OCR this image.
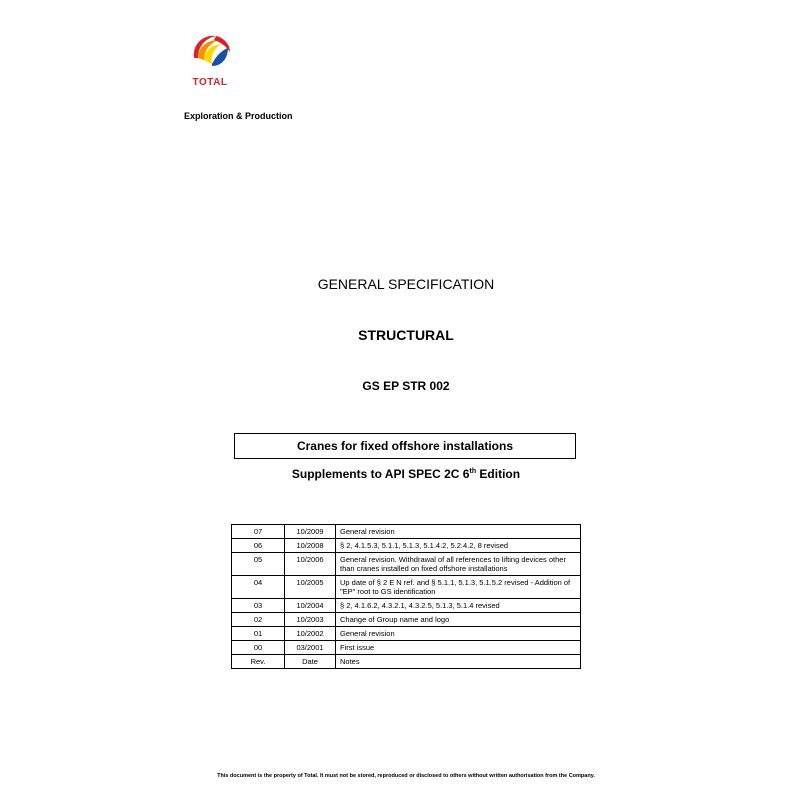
TOTAL
Exploration & Production
GENERAL SPECIFICATION
STRUCTURAL
GS EP STR 002
Cranes for fixed offshore installations
Supplements to API SPEC 2C 6th Edition
07	10/2009	General revision
06	10/2008	§ 2, 4.1.5.3, 5.1.1, 5.1.3, 5.1.4.2, 5.2.4.2, 8 revised
05	10/2006	General revision. Withdrawal of all references to lifting devices other than cranes installed on fixed offshore installations
04	10/2005	Up date of § 2 E N ref. and § 5.1.1, 5.1.3, 5.1.5.2 revised - Addition of "EP" root to GS identification
03	10/2004	§ 2, 4.1.6.2, 4.3.2.1, 4.3.2.5, 5.1.3, 5.1.4 revised
02	10/2003	Change of Group name and logo
01	10/2002	General revision
00	03/2001	First issue
Rev.	Date	Notes
This document is the property of Total. It must not be stored, reproduced or disclosed to others without written authorisation from the Company.
